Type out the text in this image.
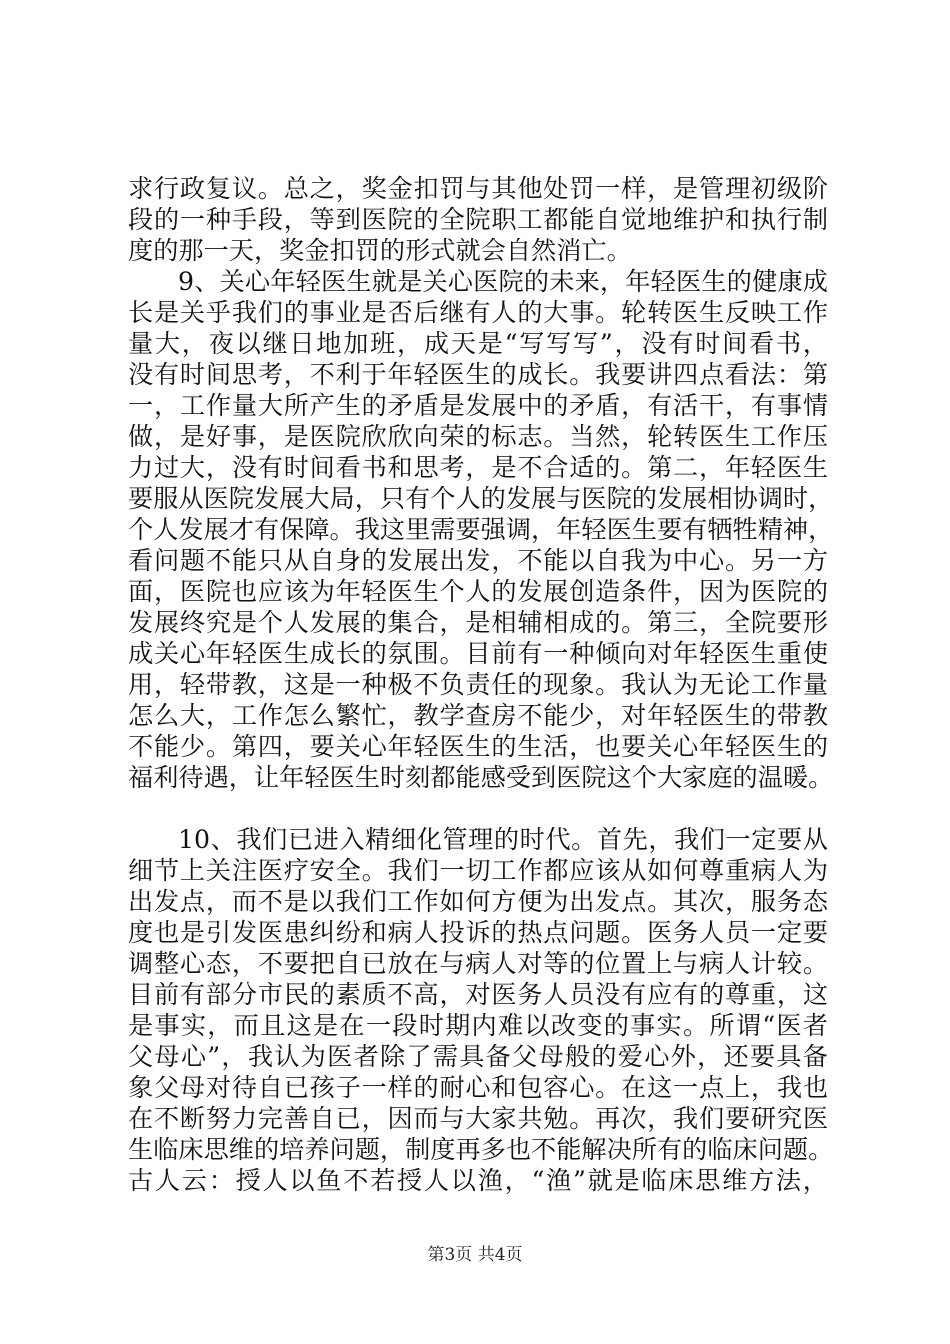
求行政复议。总之，奖金扣罚与其他处罚一样，是管理初级阶
段的一种手段，等到医院的全院职工都能自觉地维护和执行制
度的那一天，奖金扣罚的形式就会自然消亡。
9、关心年轻医生就是关心医院的未来，年轻医生的健康成
长是关乎我们的事业是否后继有人的大事。轮转医生反映工作
量大，夜以继日地加班，成天是“写写写”，没有时间看书，
没有时间思考，不利于年轻医生的成长。我要讲四点看法：第
一，工作量大所产生的矛盾是发展中的矛盾，有活干，有事情
做，是好事，是医院欣欣向荣的标志。当然，轮转医生工作压
力过大，没有时间看书和思考，是不合适的。第二，年轻医生
要服从医院发展大局，只有个人的发展与医院的发展相协调时，
个人发展才有保障。我这里需要强调，年轻医生要有牺牲精神，
看问题不能只从自身的发展出发，不能以自我为中心。另一方
面，医院也应该为年轻医生个人的发展创造条件，因为医院的
发展终究是个人发展的集合，是相辅相成的。第三，全院要形
成关心年轻医生成长的氛围。目前有一种倾向对年轻医生重使
用，轻带教，这是一种极不负责任的现象。我认为无论工作量
怎么大，工作怎么繁忙，教学查房不能少，对年轻医生的带教
不能少。第四，要关心年轻医生的生活，也要关心年轻医生的
福利待遇，让年轻医生时刻都能感受到医院这个大家庭的温暖。
10、我们已进入精细化管理的时代。首先，我们一定要从
细节上关注医疗安全。我们一切工作都应该从如何尊重病人为
出发点，而不是以我们工作如何方便为出发点。其次，服务态
度也是引发医患纠纷和病人投诉的热点问题。医务人员一定要
调整心态，不要把自已放在与病人对等的位置上与病人计较。
目前有部分市民的素质不高，对医务人员没有应有的尊重，这
是事实，而且这是在一段时期内难以改变的事实。所谓“医者
父母心”，我认为医者除了需具备父母般的爱心外，还要具备
象父母对待自已孩子一样的耐心和包容心。在这一点上，我也
在不断努力完善自已，因而与大家共勉。再次，我们要研究医
生临床思维的培养问题，制度再多也不能解决所有的临床问题。
古人云：授人以鱼不若授人以渔，“渔”就是临床思维方法，
第3页 共4页
